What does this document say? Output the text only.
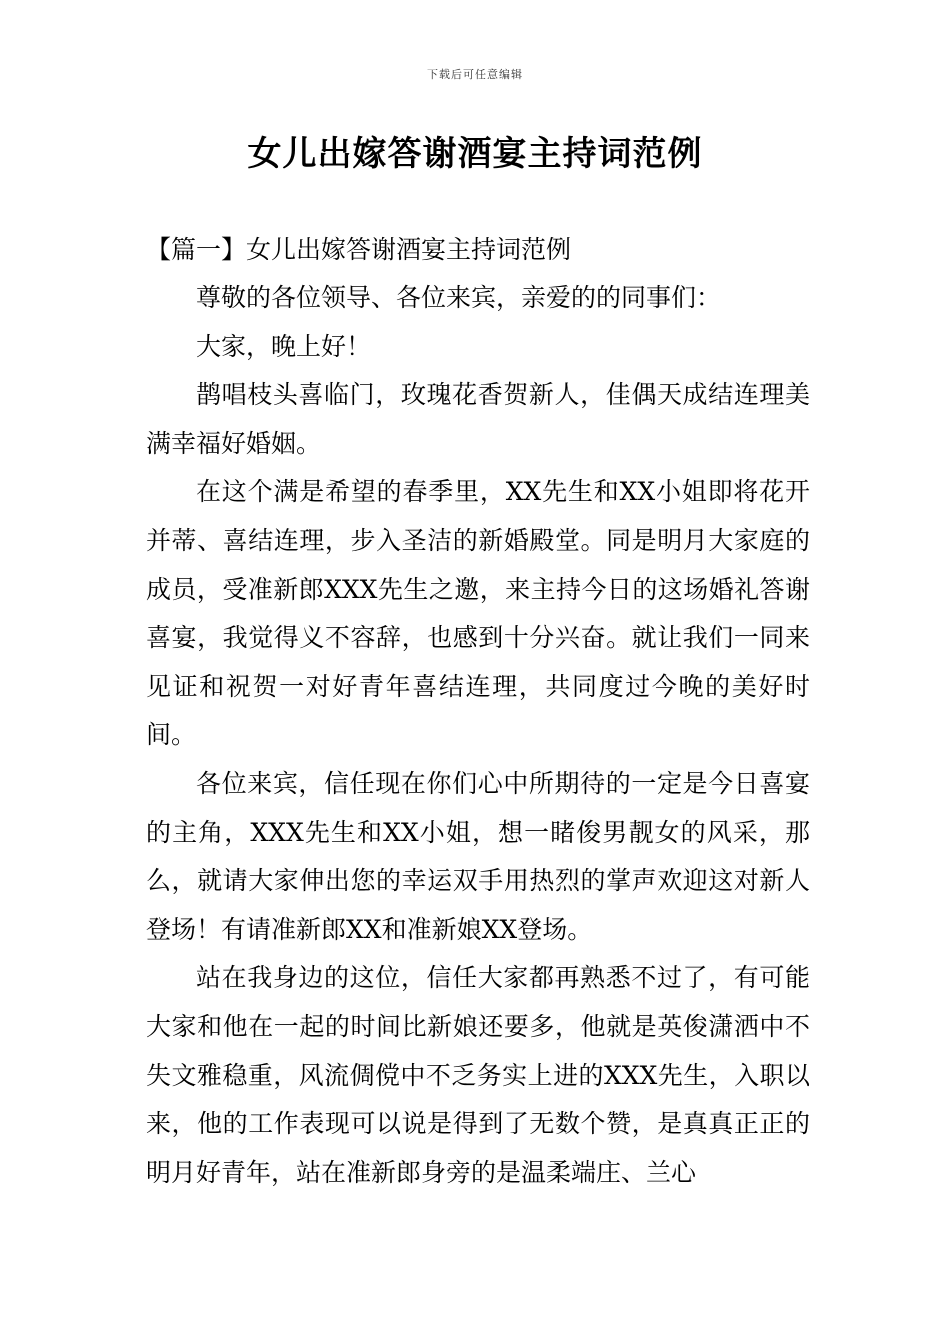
下载后可任意编辑
女儿出嫁答谢酒宴主持词范例

【篇一】女儿出嫁答谢酒宴主持词范例

尊敬的各位领导、各位来宾，亲爱的的同事们：

大家，晚上好！

鹊唱枝头喜临门，玫瑰花香贺新人，佳偶天成结连理美满幸福好婚姻。

在这个满是希望的春季里，XX先生和XX小姐即将花开并蒂、喜结连理，步入圣洁的新婚殿堂。同是明月大家庭的成员，受准新郎XXX先生之邀，来主持今日的这场婚礼答谢喜宴，我觉得义不容辞，也感到十分兴奋。就让我们一同来见证和祝贺一对好青年喜结连理，共同度过今晚的美好时间。

各位来宾，信任现在你们心中所期待的一定是今日喜宴的主角，XXX先生和XX小姐，想一睹俊男靓女的风采，那么，就请大家伸出您的幸运双手用热烈的掌声欢迎这对新人登场！有请准新郎XX和准新娘XX登场。

站在我身边的这位，信任大家都再熟悉不过了，有可能大家和他在一起的时间比新娘还要多，他就是英俊潇洒中不失文雅稳重，风流倜傥中不乏务实上进的XXX先生，入职以来，他的工作表现可以说是得到了无数个赞，是真真正正的明月好青年，站在准新郎身旁的是温柔端庄、兰心
